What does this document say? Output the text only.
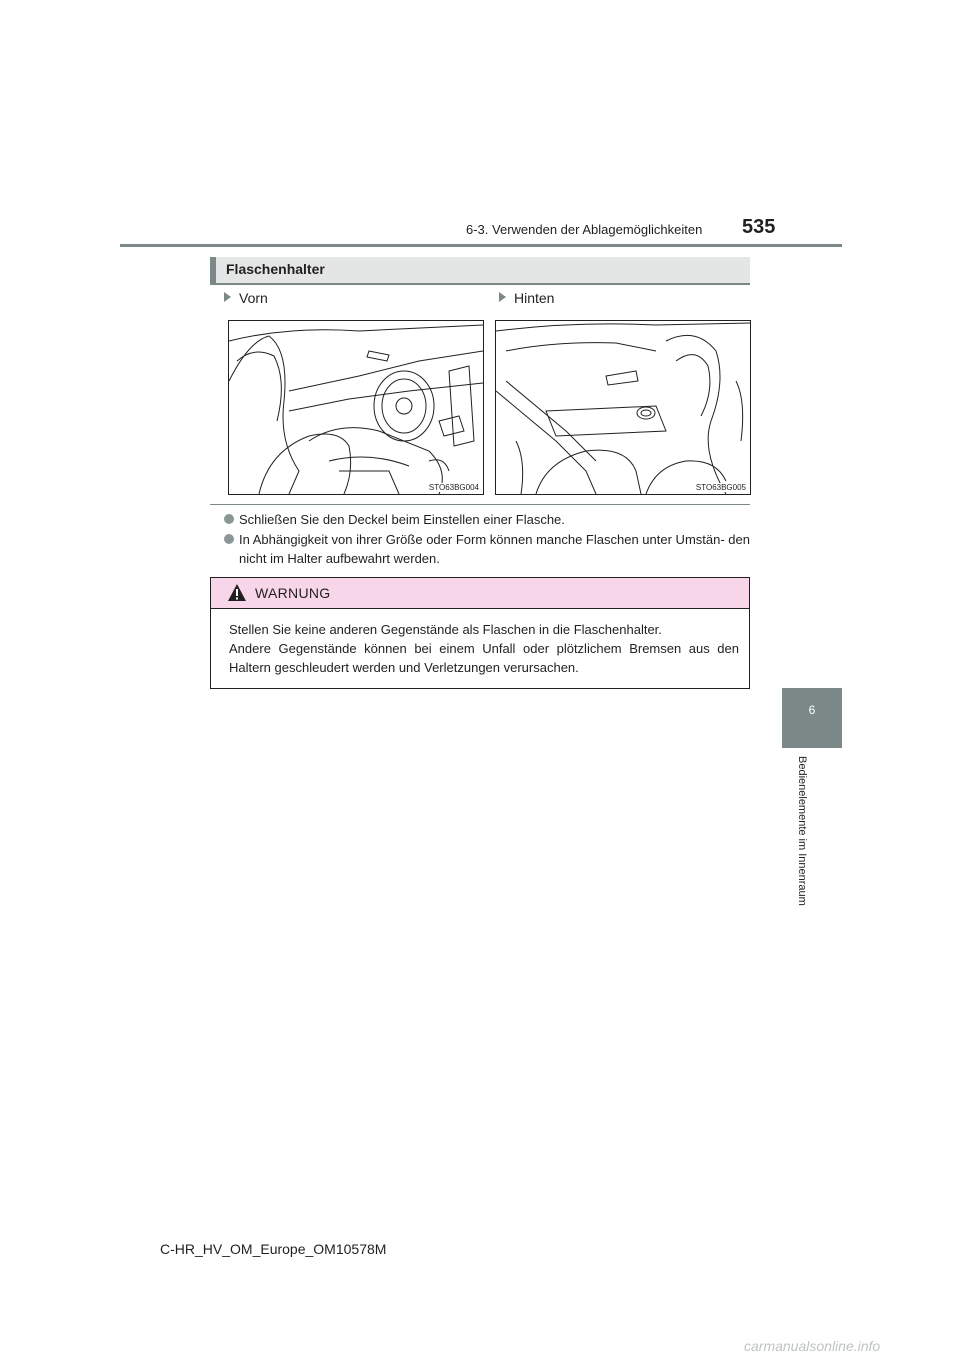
6-3. Verwenden der Ablagemöglichkeiten 535
6
Bedienelemente im Innenraum
Flaschenhalter
Vorn	Hinten
STO63BG004	STO63BG005
Schließen Sie den Deckel beim Einstellen einer Flasche.
In Abhängigkeit von ihrer Größe oder Form können manche Flaschen unter Umstän- den nicht im Halter aufbewahrt werden.
WARNUNG
Stellen Sie keine anderen Gegenstände als Flaschen in die Flaschenhalter.
Andere Gegenstände können bei einem Unfall oder plötzlichem Bremsen aus den Haltern geschleudert werden und Verletzungen verursachen.
C-HR_HV_OM_Europe_OM10578M
carmanualsonline.info
